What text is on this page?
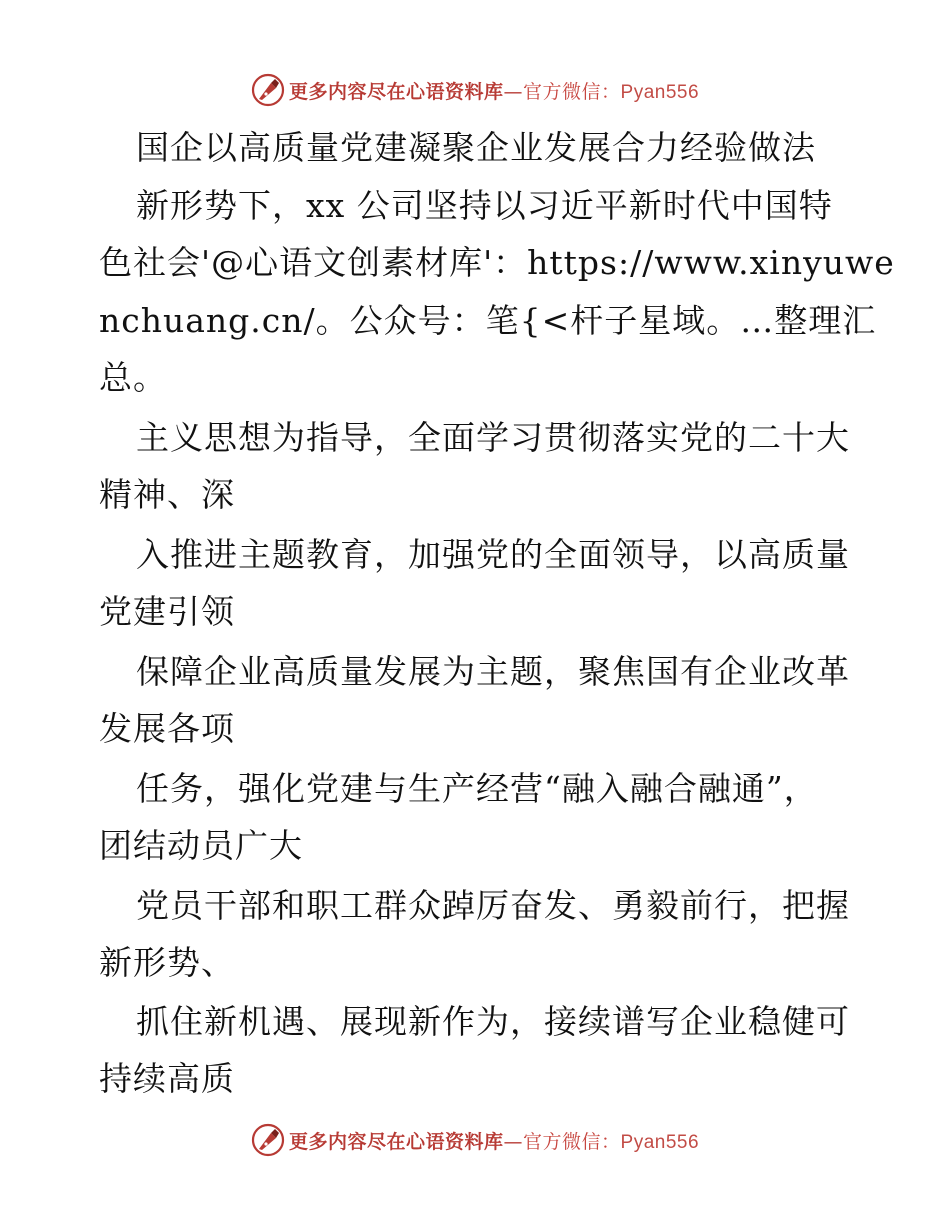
更多内容尽在心语资料库—官方微信：Pyan556
国企以高质量党建凝聚企业发展合力经验做法
新形势下，xx 公司坚持以习近平新时代中国特
色社会'@心语文创素材库'：https://www.xinyuwe
nchuang.cn/。公众号：笔{<杆子星域。…整理汇
总。
主义思想为指导，全面学习贯彻落实党的二十大
精神、深
入推进主题教育，加强党的全面领导，以高质量
党建引领
保障企业高质量发展为主题，聚焦国有企业改革
发展各项
任务，强化党建与生产经营“融入融合融通”，
团结动员广大
党员干部和职工群众踔厉奋发、勇毅前行，把握
新形势、
抓住新机遇、展现新作为，接续谱写企业稳健可
持续高质
更多内容尽在心语资料库—官方微信：Pyan556
